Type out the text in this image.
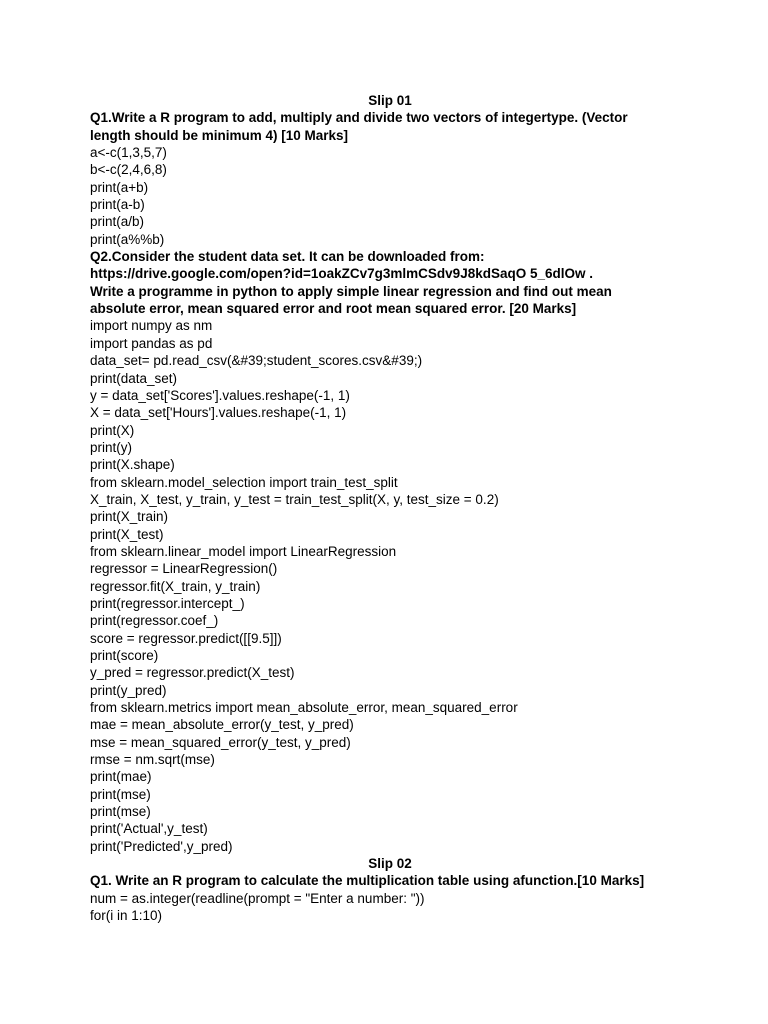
Slip 01
Q1.Write a R program to add, multiply and divide two vectors of integertype. (Vector
length should be minimum 4) [10 Marks]
a<-c(1,3,5,7)
b<-c(2,4,6,8)
print(a+b)
print(a-b)
print(a/b)
print(a%%b)
Q2.Consider the student data set. It can be downloaded from:
https://drive.google.com/open?id=1oakZCv7g3mlmCSdv9J8kdSaqO 5_6dlOw .
Write a programme in python to apply simple linear regression and find out mean
absolute error, mean squared error and root mean squared error. [20 Marks]
import numpy as nm
import pandas as pd
data_set= pd.read_csv(&#39;student_scores.csv&#39;)
print(data_set)
y = data_set['Scores'].values.reshape(-1, 1)
X = data_set['Hours'].values.reshape(-1, 1)
print(X)
print(y)
print(X.shape)
from sklearn.model_selection import train_test_split
X_train, X_test, y_train, y_test = train_test_split(X, y, test_size = 0.2)
print(X_train)
print(X_test)
from sklearn.linear_model import LinearRegression
regressor = LinearRegression()
regressor.fit(X_train, y_train)
print(regressor.intercept_)
print(regressor.coef_)
score = regressor.predict([[9.5]])
print(score)
y_pred = regressor.predict(X_test)
print(y_pred)
from sklearn.metrics import mean_absolute_error, mean_squared_error
mae = mean_absolute_error(y_test, y_pred)
mse = mean_squared_error(y_test, y_pred)
rmse = nm.sqrt(mse)
print(mae)
print(mse)
print(mse)
print('Actual',y_test)
print('Predicted',y_pred)
Slip 02
Q1. Write an R program to calculate the multiplication table using afunction.[10 Marks]
num = as.integer(readline(prompt = "Enter a number: "))
for(i in 1:10)
